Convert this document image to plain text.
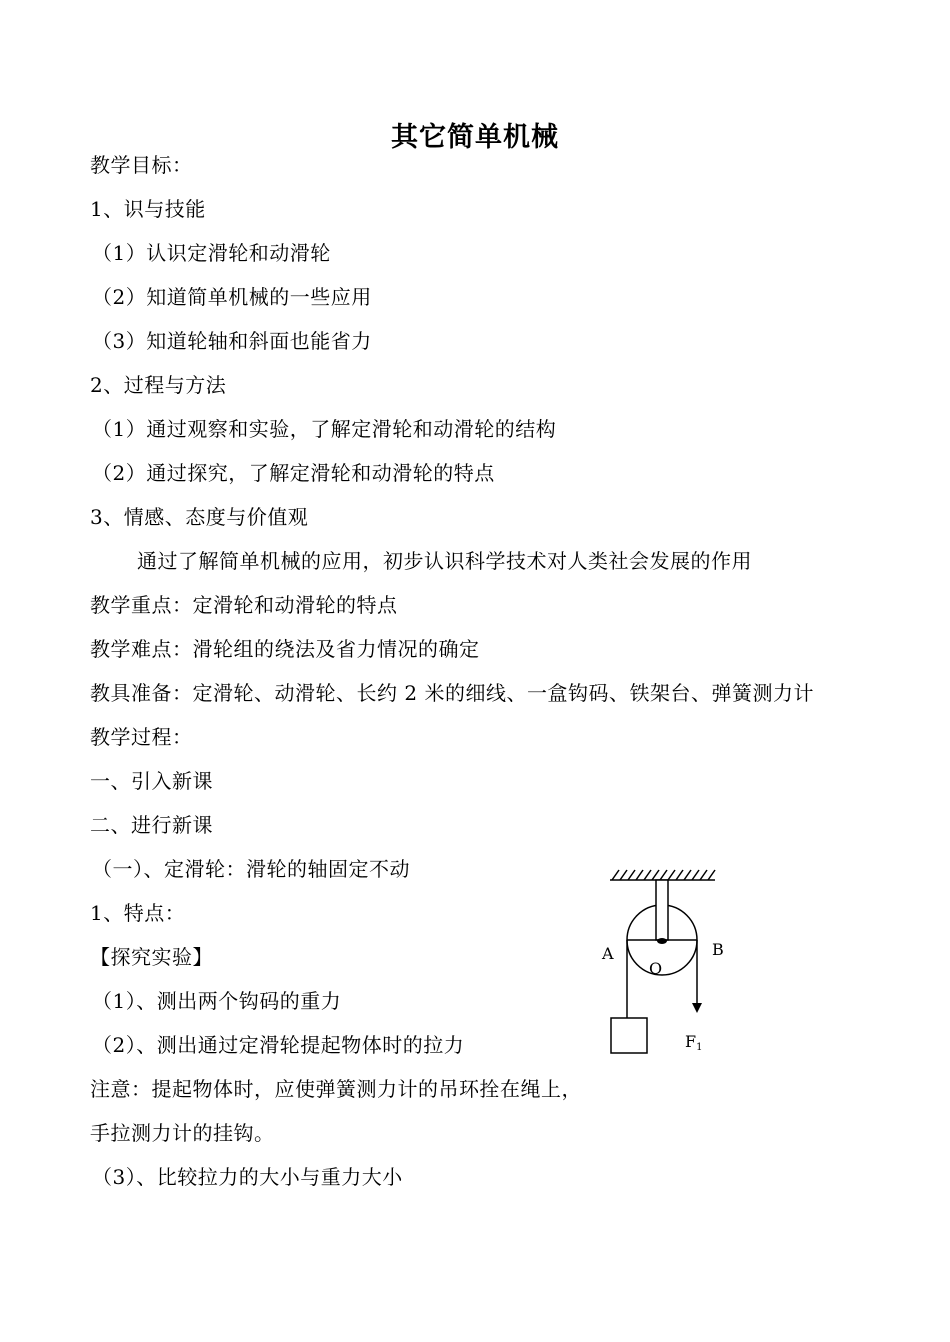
其它简单机械
教学目标：
1、识与技能
（1）认识定滑轮和动滑轮
（2）知道简单机械的一些应用
（3）知道轮轴和斜面也能省力
2、过程与方法
（1）通过观察和实验，了解定滑轮和动滑轮的结构
（2）通过探究，了解定滑轮和动滑轮的特点
3、情感、态度与价值观
通过了解简单机械的应用，初步认识科学技术对人类社会发展的作用
教学重点：定滑轮和动滑轮的特点
教学难点：滑轮组的绕法及省力情况的确定
教具准备：定滑轮、动滑轮、长约 2 米的细线、一盒钩码、铁架台、弹簧测力计
教学过程：
一、引入新课
二、进行新课
（一）、定滑轮：滑轮的轴固定不动
1、特点：
【探究实验】
（1）、测出两个钩码的重力
（2）、测出通过定滑轮提起物体时的拉力
注意：提起物体时，应使弹簧测力计的吊环拴在绳上，
手拉测力计的挂钩。
（3）、比较拉力的大小与重力大小
A	B
O
F1
